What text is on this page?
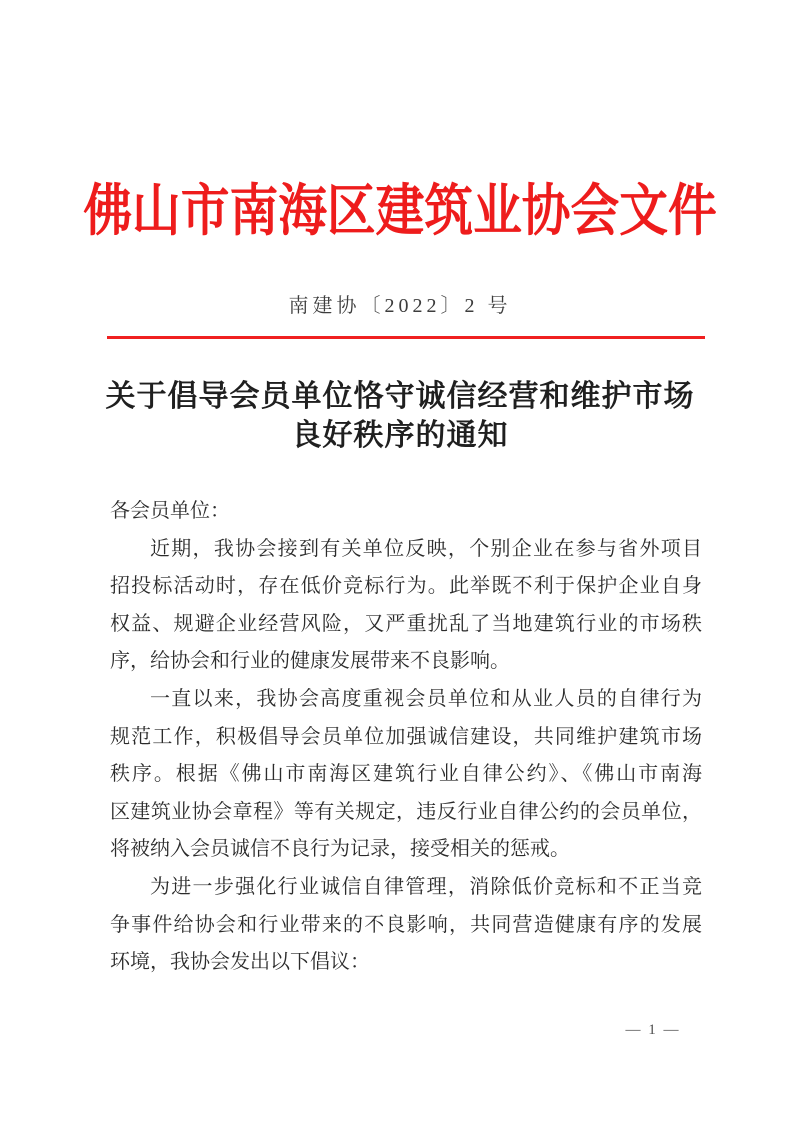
佛山市南海区建筑业协会文件
南建协〔2022〕2 号
关于倡导会员单位恪守诚信经营和维护市场
良好秩序的通知
各会员单位：
近期，我协会接到有关单位反映，个别企业在参与省外项目
招投标活动时，存在低价竞标行为。此举既不利于保护企业自身
权益、规避企业经营风险，又严重扰乱了当地建筑行业的市场秩
序，给协会和行业的健康发展带来不良影响。
一直以来，我协会高度重视会员单位和从业人员的自律行为
规范工作，积极倡导会员单位加强诚信建设，共同维护建筑市场
秩序。根据《佛山市南海区建筑行业自律公约》、《佛山市南海
区建筑业协会章程》等有关规定，违反行业自律公约的会员单位，
将被纳入会员诚信不良行为记录，接受相关的惩戒。
为进一步强化行业诚信自律管理，消除低价竞标和不正当竞
争事件给协会和行业带来的不良影响，共同营造健康有序的发展
环境，我协会发出以下倡议：
— 1 —
